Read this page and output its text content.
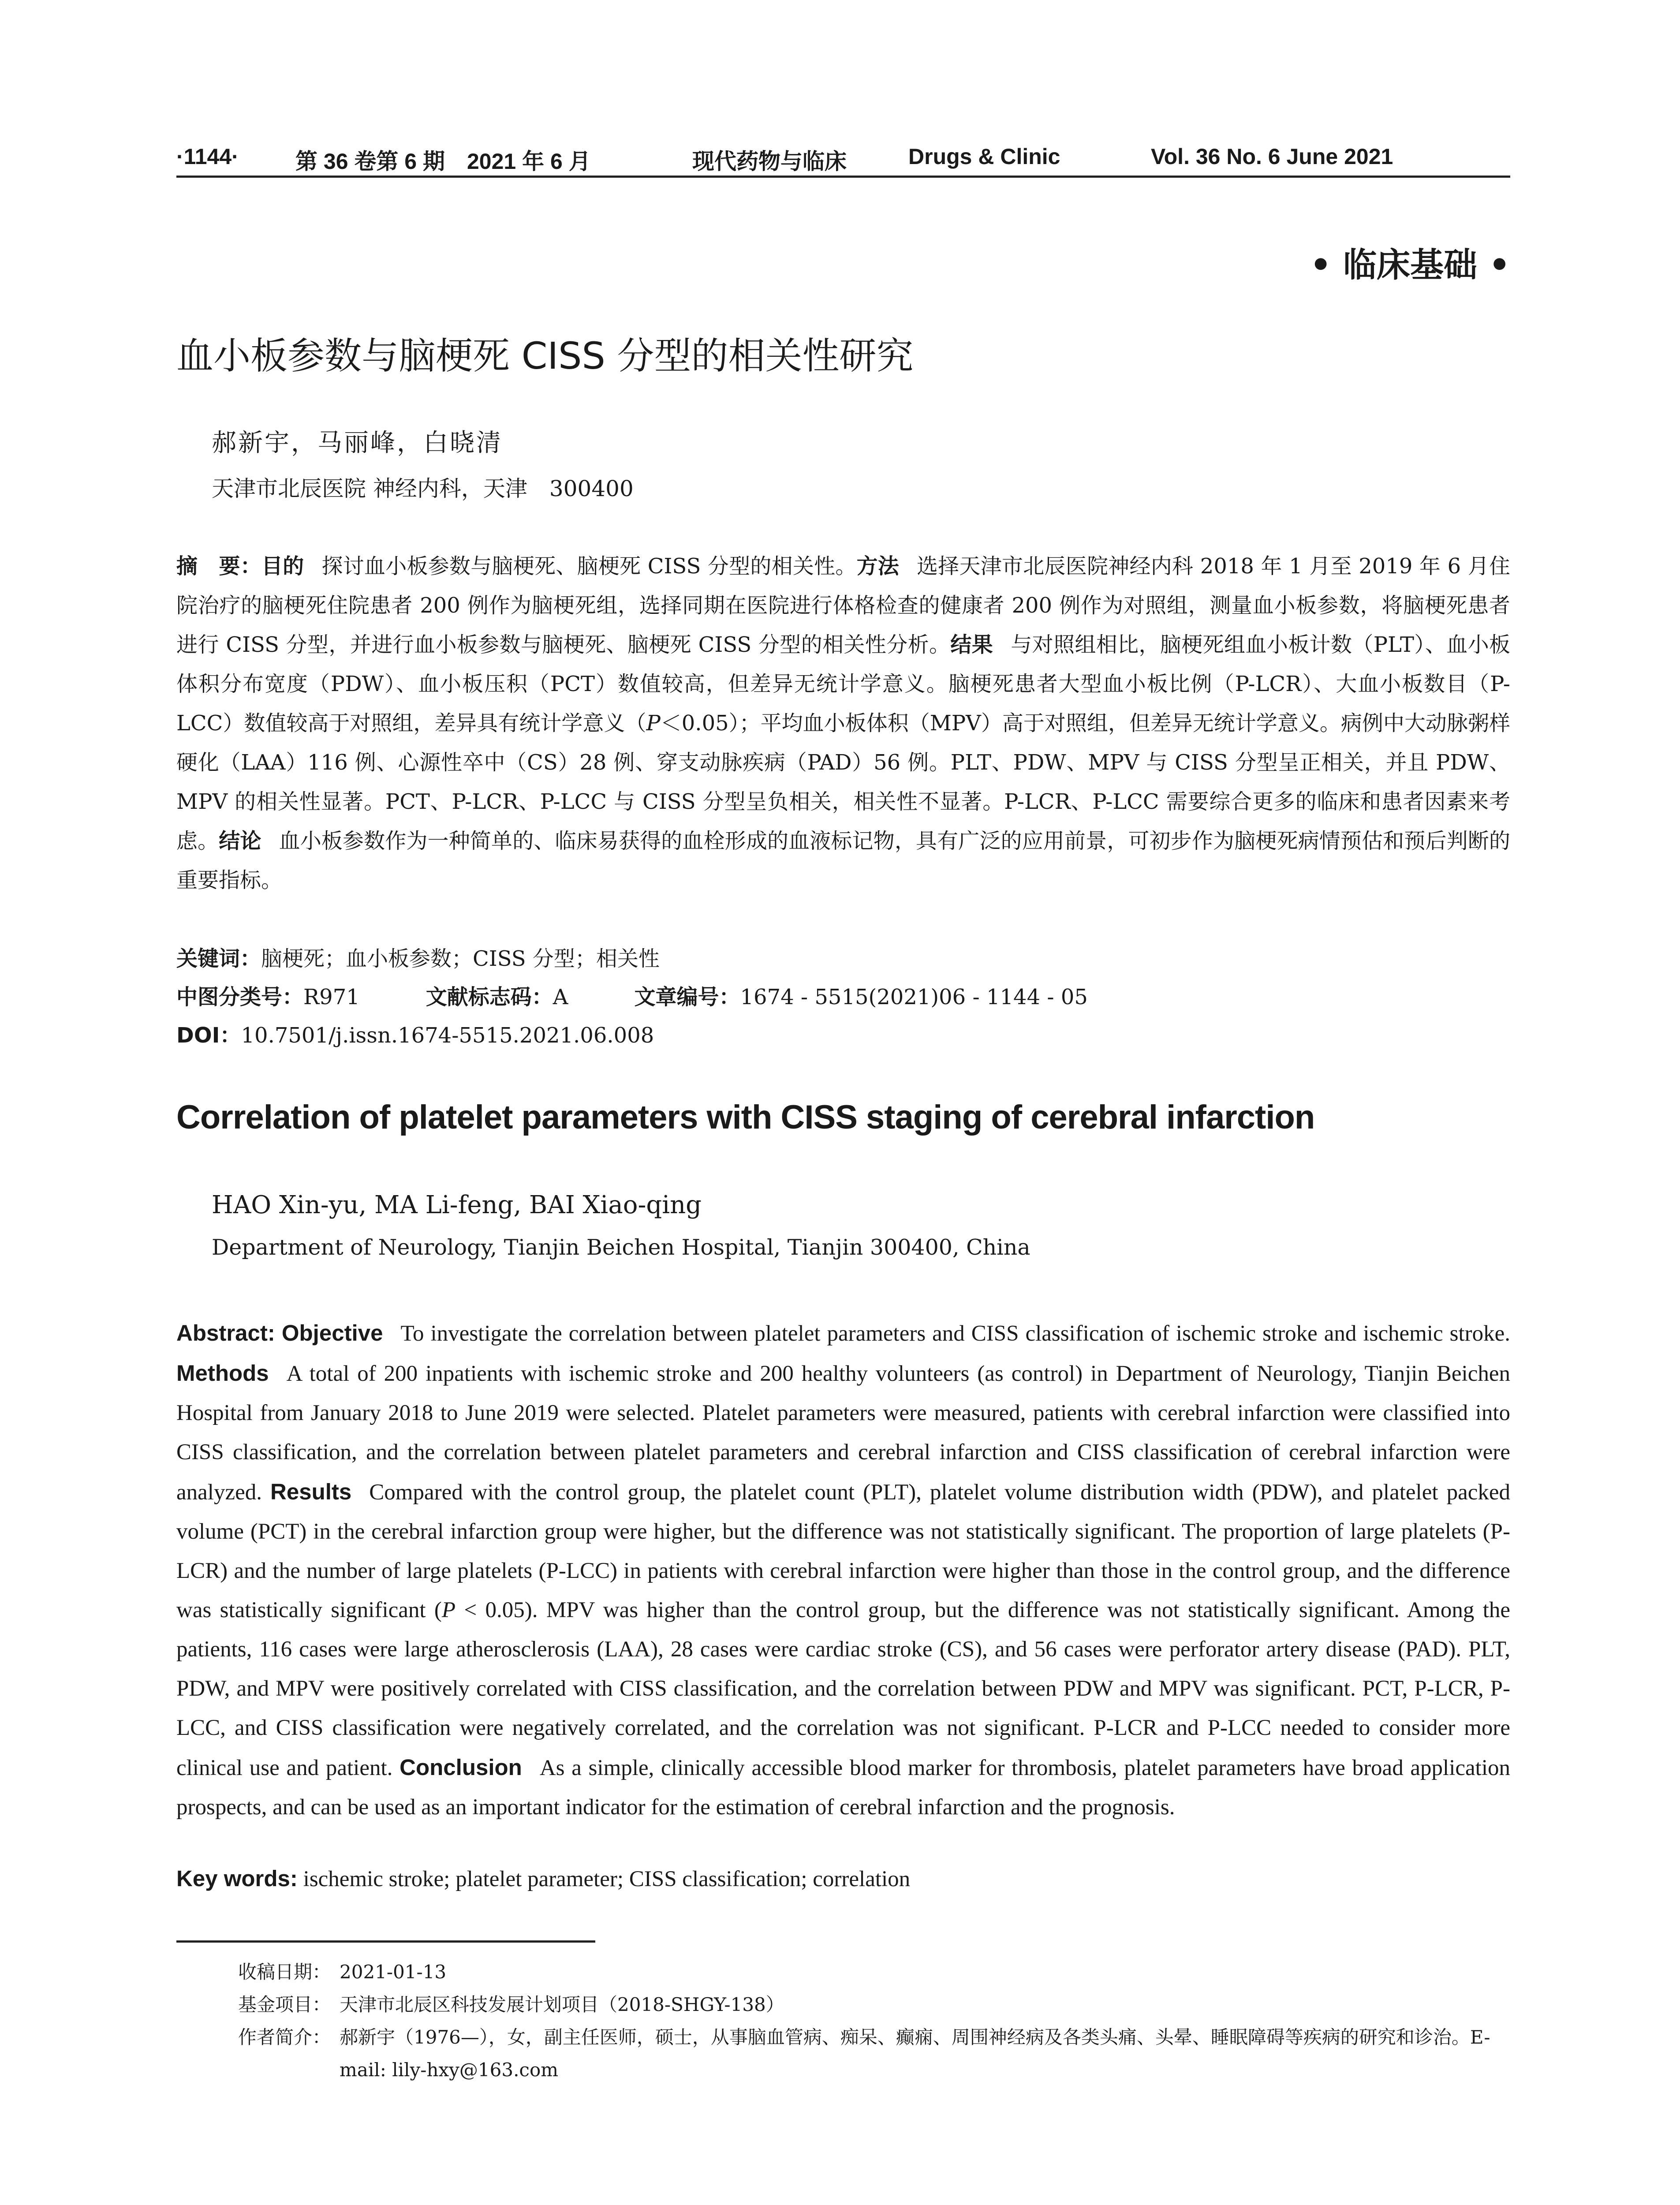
·1144·	第 36 卷第 6 期　2021 年 6 月	现代药物与临床	Drugs & Clinic	Vol. 36 No. 6 June 2021
• 临床基础 •
血小板参数与脑梗死 CISS 分型的相关性研究
郝新宇，马丽峰，白晓清
天津市北辰医院 神经内科，天津　300400
摘　要：目的 探讨血小板参数与脑梗死、脑梗死 CISS 分型的相关性。方法 选择天津市北辰医院神经内科 2018 年 1 月至 2019 年 6 月住院治疗的脑梗死住院患者 200 例作为脑梗死组，选择同期在医院进行体格检查的健康者 200 例作为对照组，测量血小板参数，将脑梗死患者进行 CISS 分型，并进行血小板参数与脑梗死、脑梗死 CISS 分型的相关性分析。结果 与对照组相比，脑梗死组血小板计数（PLT）、血小板体积分布宽度（PDW）、血小板压积（PCT）数值较高，但差异无统计学意义。脑梗死患者大型血小板比例（P-LCR）、大血小板数目（P-LCC）数值较高于对照组，差异具有统计学意义（P＜0.05）；平均血小板体积（MPV）高于对照组，但差异无统计学意义。病例中大动脉粥样硬化（LAA）116 例、心源性卒中（CS）28 例、穿支动脉疾病（PAD）56 例。PLT、PDW、MPV 与 CISS 分型呈正相关，并且 PDW、MPV 的相关性显著。PCT、P-LCR、P-LCC 与 CISS 分型呈负相关，相关性不显著。P-LCR、P-LCC 需要综合更多的临床和患者因素来考虑。结论 血小板参数作为一种简单的、临床易获得的血栓形成的血液标记物，具有广泛的应用前景，可初步作为脑梗死病情预估和预后判断的重要指标。
关键词：脑梗死；血小板参数；CISS 分型；相关性
中图分类号：R971	文献标志码：A	文章编号：1674 - 5515(2021)06 - 1144 - 05
DOI：10.7501/j.issn.1674-5515.2021.06.008
Correlation of platelet parameters with CISS staging of cerebral infarction
HAO Xin-yu, MA Li-feng, BAI Xiao-qing
Department of Neurology, Tianjin Beichen Hospital, Tianjin 300400, China
Abstract: Objective To investigate the correlation between platelet parameters and CISS classification of ischemic stroke and ischemic stroke. Methods A total of 200 inpatients with ischemic stroke and 200 healthy volunteers (as control) in Department of Neurology, Tianjin Beichen Hospital from January 2018 to June 2019 were selected. Platelet parameters were measured, patients with cerebral infarction were classified into CISS classification, and the correlation between platelet parameters and cerebral infarction and CISS classification of cerebral infarction were analyzed. Results Compared with the control group, the platelet count (PLT), platelet volume distribution width (PDW), and platelet packed volume (PCT) in the cerebral infarction group were higher, but the difference was not statistically significant. The proportion of large platelets (P-LCR) and the number of large platelets (P-LCC) in patients with cerebral infarction were higher than those in the control group, and the difference was statistically significant (P < 0.05). MPV was higher than the control group, but the difference was not statistically significant. Among the patients, 116 cases were large atherosclerosis (LAA), 28 cases were cardiac stroke (CS), and 56 cases were perforator artery disease (PAD). PLT, PDW, and MPV were positively correlated with CISS classification, and the correlation between PDW and MPV was significant. PCT, P-LCR, P-LCC, and CISS classification were negatively correlated, and the correlation was not significant. P-LCR and P-LCC needed to consider more clinical use and patient. Conclusion As a simple, clinically accessible blood marker for thrombosis, platelet parameters have broad application prospects, and can be used as an important indicator for the estimation of cerebral infarction and the prognosis.
Key words: ischemic stroke; platelet parameter; CISS classification; correlation
收稿日期： 2021-01-13
基金项目： 天津市北辰区科技发展计划项目（2018-SHGY-138）
作者简介： 郝新宇（1976—），女，副主任医师，硕士，从事脑血管病、痴呆、癫痫、周围神经病及各类头痛、头晕、睡眠障碍等疾病的研究和诊治。E-mail: lily-hxy@163.com
